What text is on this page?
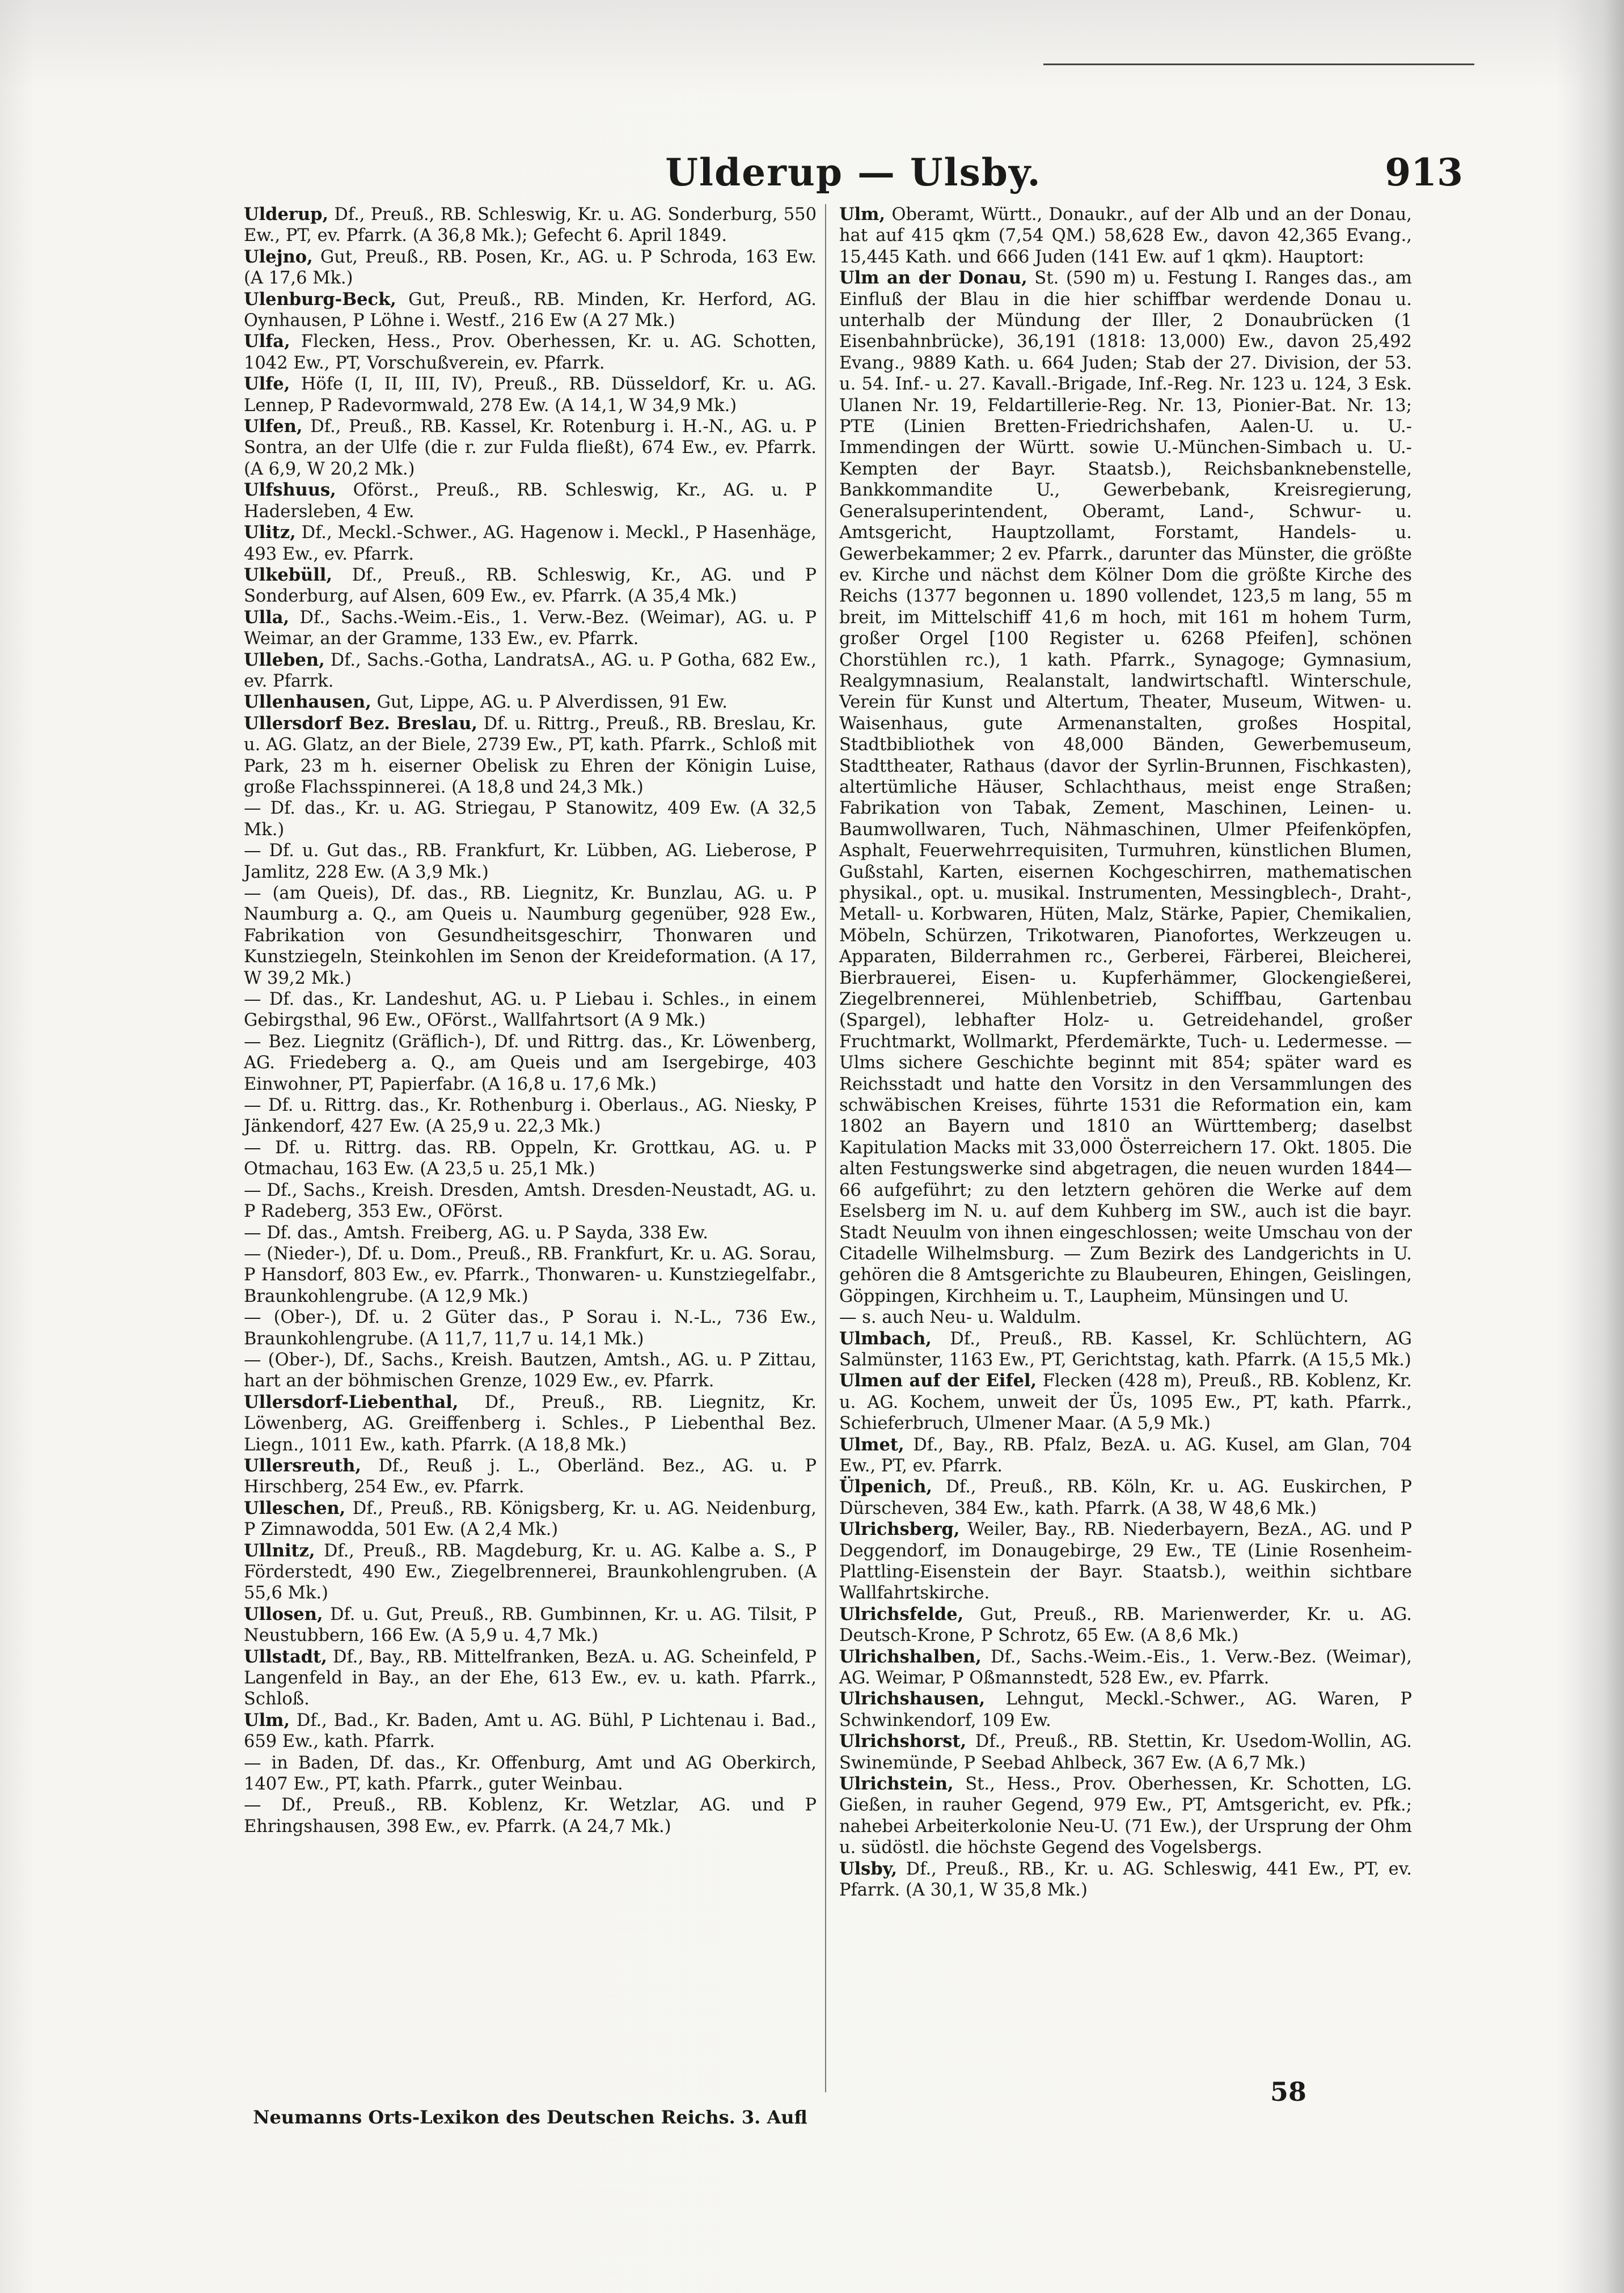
Ulderup — Ulsby.	913

Ulderup, Df., Preuß., RB. Schleswig, Kr. u. AG. Sonderburg, 550 Ew., PT, ev. Pfarrk. (A 36,8 Mk.); Gefecht 6. April 1849.

Ulejno, Gut, Preuß., RB. Posen, Kr., AG. u. P Schroda, 163 Ew. (A 17,6 Mk.)

Ulenburg-Beck, Gut, Preuß., RB. Minden, Kr. Herford, AG. Oynhausen, P Löhne i. Westf., 216 Ew (A 27 Mk.)

Ulfa, Flecken, Hess., Prov. Oberhessen, Kr. u. AG. Schotten, 1042 Ew., PT, Vorschußverein, ev. Pfarrk.

Ulfe, Höfe (I, II, III, IV), Preuß., RB. Düsseldorf, Kr. u. AG. Lennep, P Radevormwald, 278 Ew. (A 14,1, W 34,9 Mk.)

Ulfen, Df., Preuß., RB. Kassel, Kr. Rotenburg i. H.-N., AG. u. P Sontra, an der Ulfe (die r. zur Fulda fließt), 674 Ew., ev. Pfarrk. (A 6,9, W 20,2 Mk.)

Ulfshuus, Oförst., Preuß., RB. Schleswig, Kr., AG. u. P Hadersleben, 4 Ew.

Ulitz, Df., Meckl.-Schwer., AG. Hagenow i. Meckl., P Hasenhäge, 493 Ew., ev. Pfarrk.

Ulkebüll, Df., Preuß., RB. Schleswig, Kr., AG. und P Sonderburg, auf Alsen, 609 Ew., ev. Pfarrk. (A 35,4 Mk.)

Ulla, Df., Sachs.-Weim.-Eis., 1. Verw.-Bez. (Weimar), AG. u. P Weimar, an der Gramme, 133 Ew., ev. Pfarrk.

Ulleben, Df., Sachs.-Gotha, LandratsA., AG. u. P Gotha, 682 Ew., ev. Pfarrk.

Ullenhausen, Gut, Lippe, AG. u. P Alverdissen, 91 Ew.

Ullersdorf Bez. Breslau, Df. u. Rittrg., Preuß., RB. Breslau, Kr. u. AG. Glatz, an der Biele, 2739 Ew., PT, kath. Pfarrk., Schloß mit Park, 23 m h. eiserner Obelisk zu Ehren der Königin Luise, große Flachsspinnerei. (A 18,8 und 24,3 Mk.)

— Df. das., Kr. u. AG. Striegau, P Stanowitz, 409 Ew. (A 32,5 Mk.)

— Df. u. Gut das., RB. Frankfurt, Kr. Lübben, AG. Lieberose, P Jamlitz, 228 Ew. (A 3,9 Mk.)

— (am Queis), Df. das., RB. Liegnitz, Kr. Bunzlau, AG. u. P Naumburg a. Q., am Queis u. Naumburg gegenüber, 928 Ew., Fabrikation von Gesundheitsgeschirr, Thonwaren und Kunstziegeln, Steinkohlen im Senon der Kreideformation. (A 17, W 39,2 Mk.)

— Df. das., Kr. Landeshut, AG. u. P Liebau i. Schles., in einem Gebirgsthal, 96 Ew., OFörst., Wallfahrtsort (A 9 Mk.)

— Bez. Liegnitz (Gräflich-), Df. und Rittrg. das., Kr. Löwenberg, AG. Friedeberg a. Q., am Queis und am Isergebirge, 403 Einwohner, PT, Papierfabr. (A 16,8 u. 17,6 Mk.)

— Df. u. Rittrg. das., Kr. Rothenburg i. Oberlaus., AG. Niesky, P Jänkendorf, 427 Ew. (A 25,9 u. 22,3 Mk.)

— Df. u. Rittrg. das. RB. Oppeln, Kr. Grottkau, AG. u. P Otmachau, 163 Ew. (A 23,5 u. 25,1 Mk.)

— Df., Sachs., Kreish. Dresden, Amtsh. Dresden-Neustadt, AG. u. P Radeberg, 353 Ew., OFörst.

— Df. das., Amtsh. Freiberg, AG. u. P Sayda, 338 Ew.

— (Nieder-), Df. u. Dom., Preuß., RB. Frankfurt, Kr. u. AG. Sorau, P Hansdorf, 803 Ew., ev. Pfarrk., Thonwaren- u. Kunstziegelfabr., Braunkohlengrube. (A 12,9 Mk.)

— (Ober-), Df. u. 2 Güter das., P Sorau i. N.-L., 736 Ew., Braunkohlengrube. (A 11,7, 11,7 u. 14,1 Mk.)

— (Ober-), Df., Sachs., Kreish. Bautzen, Amtsh., AG. u. P Zittau, hart an der böhmischen Grenze, 1029 Ew., ev. Pfarrk.

Ullersdorf-Liebenthal, Df., Preuß., RB. Liegnitz, Kr. Löwenberg, AG. Greiffenberg i. Schles., P Liebenthal Bez. Liegn., 1011 Ew., kath. Pfarrk. (A 18,8 Mk.)

Ullersreuth, Df., Reuß j. L., Oberländ. Bez., AG. u. P Hirschberg, 254 Ew., ev. Pfarrk.

Ulleschen, Df., Preuß., RB. Königsberg, Kr. u. AG. Neidenburg, P Zimnawodda, 501 Ew. (A 2,4 Mk.)

Ullnitz, Df., Preuß., RB. Magdeburg, Kr. u. AG. Kalbe a. S., P Förderstedt, 490 Ew., Ziegelbrennerei, Braunkohlengruben. (A 55,6 Mk.)

Ullosen, Df. u. Gut, Preuß., RB. Gumbinnen, Kr. u. AG. Tilsit, P Neustubbern, 166 Ew. (A 5,9 u. 4,7 Mk.)

Ullstadt, Df., Bay., RB. Mittelfranken, BezA. u. AG. Scheinfeld, P Langenfeld in Bay., an der Ehe, 613 Ew., ev. u. kath. Pfarrk., Schloß.

Ulm, Df., Bad., Kr. Baden, Amt u. AG. Bühl, P Lichtenau i. Bad., 659 Ew., kath. Pfarrk.

— in Baden, Df. das., Kr. Offenburg, Amt und AG Oberkirch, 1407 Ew., PT, kath. Pfarrk., guter Weinbau.

— Df., Preuß., RB. Koblenz, Kr. Wetzlar, AG. und P Ehringshausen, 398 Ew., ev. Pfarrk. (A 24,7 Mk.)

Ulm, Oberamt, Württ., Donaukr., auf der Alb und an der Donau, hat auf 415 qkm (7,54 QM.) 58,628 Ew., davon 42,365 Evang., 15,445 Kath. und 666 Juden (141 Ew. auf 1 qkm). Hauptort:

Ulm an der Donau, St. (590 m) u. Festung I. Ranges das., am Einfluß der Blau in die hier schiffbar werdende Donau u. unterhalb der Mündung der Iller, 2 Donaubrücken (1 Eisenbahnbrücke), 36,191 (1818: 13,000) Ew., davon 25,492 Evang., 9889 Kath. u. 664 Juden; Stab der 27. Division, der 53. u. 54. Inf.- u. 27. Kavall.-Brigade, Inf.-Reg. Nr. 123 u. 124, 3 Esk. Ulanen Nr. 19, Feldartillerie-Reg. Nr. 13, Pionier-Bat. Nr. 13; PTE (Linien Bretten-Friedrichshafen, Aalen-U. u. U.-Immendingen der Württ. sowie U.-München-Simbach u. U.-Kempten der Bayr. Staatsb.), Reichsbanknebenstelle, Bankkommandite U., Gewerbebank, Kreisregierung, Generalsuperintendent, Oberamt, Land-, Schwur- u. Amtsgericht, Hauptzollamt, Forstamt, Handels- u. Gewerbekammer; 2 ev. Pfarrk., darunter das Münster, die größte ev. Kirche und nächst dem Kölner Dom die größte Kirche des Reichs (1377 begonnen u. 1890 vollendet, 123,5 m lang, 55 m breit, im Mittelschiff 41,6 m hoch, mit 161 m hohem Turm, großer Orgel [100 Register u. 6268 Pfeifen], schönen Chorstühlen rc.), 1 kath. Pfarrk., Synagoge; Gymnasium, Realgymnasium, Realanstalt, landwirtschaftl. Winterschule, Verein für Kunst und Altertum, Theater, Museum, Witwen- u. Waisenhaus, gute Armenanstalten, großes Hospital, Stadtbibliothek von 48,000 Bänden, Gewerbemuseum, Stadttheater, Rathaus (davor der Syrlin-Brunnen, Fischkasten), altertümliche Häuser, Schlachthaus, meist enge Straßen; Fabrikation von Tabak, Zement, Maschinen, Leinen- u. Baumwollwaren, Tuch, Nähmaschinen, Ulmer Pfeifenköpfen, Asphalt, Feuerwehrrequisiten, Turmuhren, künstlichen Blumen, Gußstahl, Karten, eisernen Kochgeschirren, mathematischen physikal., opt. u. musikal. Instrumenten, Messingblech-, Draht-, Metall- u. Korbwaren, Hüten, Malz, Stärke, Papier, Chemikalien, Möbeln, Schürzen, Trikotwaren, Pianofortes, Werkzeugen u. Apparaten, Bilderrahmen rc., Gerberei, Färberei, Bleicherei, Bierbrauerei, Eisen- u. Kupferhämmer, Glockengießerei, Ziegelbrennerei, Mühlenbetrieb, Schiffbau, Gartenbau (Spargel), lebhafter Holz- u. Getreidehandel, großer Fruchtmarkt, Wollmarkt, Pferdemärkte, Tuch- u. Ledermesse. — Ulms sichere Geschichte beginnt mit 854; später ward es Reichsstadt und hatte den Vorsitz in den Versammlungen des schwäbischen Kreises, führte 1531 die Reformation ein, kam 1802 an Bayern und 1810 an Württemberg; daselbst Kapitulation Macks mit 33,000 Österreichern 17. Okt. 1805. Die alten Festungswerke sind abgetragen, die neuen wurden 1844—66 aufgeführt; zu den letztern gehören die Werke auf dem Eselsberg im N. u. auf dem Kuhberg im SW., auch ist die bayr. Stadt Neuulm von ihnen eingeschlossen; weite Umschau von der Citadelle Wilhelmsburg. — Zum Bezirk des Landgerichts in U. gehören die 8 Amtsgerichte zu Blaubeuren, Ehingen, Geislingen, Göppingen, Kirchheim u. T., Laupheim, Münsingen und U.

— s. auch Neu- u. Waldulm.

Ulmbach, Df., Preuß., RB. Kassel, Kr. Schlüchtern, AG Salmünster, 1163 Ew., PT, Gerichtstag, kath. Pfarrk. (A 15,5 Mk.)

Ulmen auf der Eifel, Flecken (428 m), Preuß., RB. Koblenz, Kr. u. AG. Kochem, unweit der Üs, 1095 Ew., PT, kath. Pfarrk., Schieferbruch, Ulmener Maar. (A 5,9 Mk.)

Ulmet, Df., Bay., RB. Pfalz, BezA. u. AG. Kusel, am Glan, 704 Ew., PT, ev. Pfarrk.

Ülpenich, Df., Preuß., RB. Köln, Kr. u. AG. Euskirchen, P Dürscheven, 384 Ew., kath. Pfarrk. (A 38, W 48,6 Mk.)

Ulrichsberg, Weiler, Bay., RB. Niederbayern, BezA., AG. und P Deggendorf, im Donaugebirge, 29 Ew., TE (Linie Rosenheim-Plattling-Eisenstein der Bayr. Staatsb.), weithin sichtbare Wallfahrtskirche.

Ulrichsfelde, Gut, Preuß., RB. Marienwerder, Kr. u. AG. Deutsch-Krone, P Schrotz, 65 Ew. (A 8,6 Mk.)

Ulrichshalben, Df., Sachs.-Weim.-Eis., 1. Verw.-Bez. (Weimar), AG. Weimar, P Oßmannstedt, 528 Ew., ev. Pfarrk.

Ulrichshausen, Lehngut, Meckl.-Schwer., AG. Waren, P Schwinkendorf, 109 Ew.

Ulrichshorst, Df., Preuß., RB. Stettin, Kr. Usedom-Wollin, AG. Swinemünde, P Seebad Ahlbeck, 367 Ew. (A 6,7 Mk.)

Ulrichstein, St., Hess., Prov. Oberhessen, Kr. Schotten, LG. Gießen, in rauher Gegend, 979 Ew., PT, Amtsgericht, ev. Pfk.; nahebei Arbeiterkolonie Neu-U. (71 Ew.), der Ursprung der Ohm u. südöstl. die höchste Gegend des Vogelsbergs.

Ulsby, Df., Preuß., RB., Kr. u. AG. Schleswig, 441 Ew., PT, ev. Pfarrk. (A 30,1, W 35,8 Mk.)

Neumanns Orts-Lexikon des Deutschen Reichs. 3. Aufl
58
